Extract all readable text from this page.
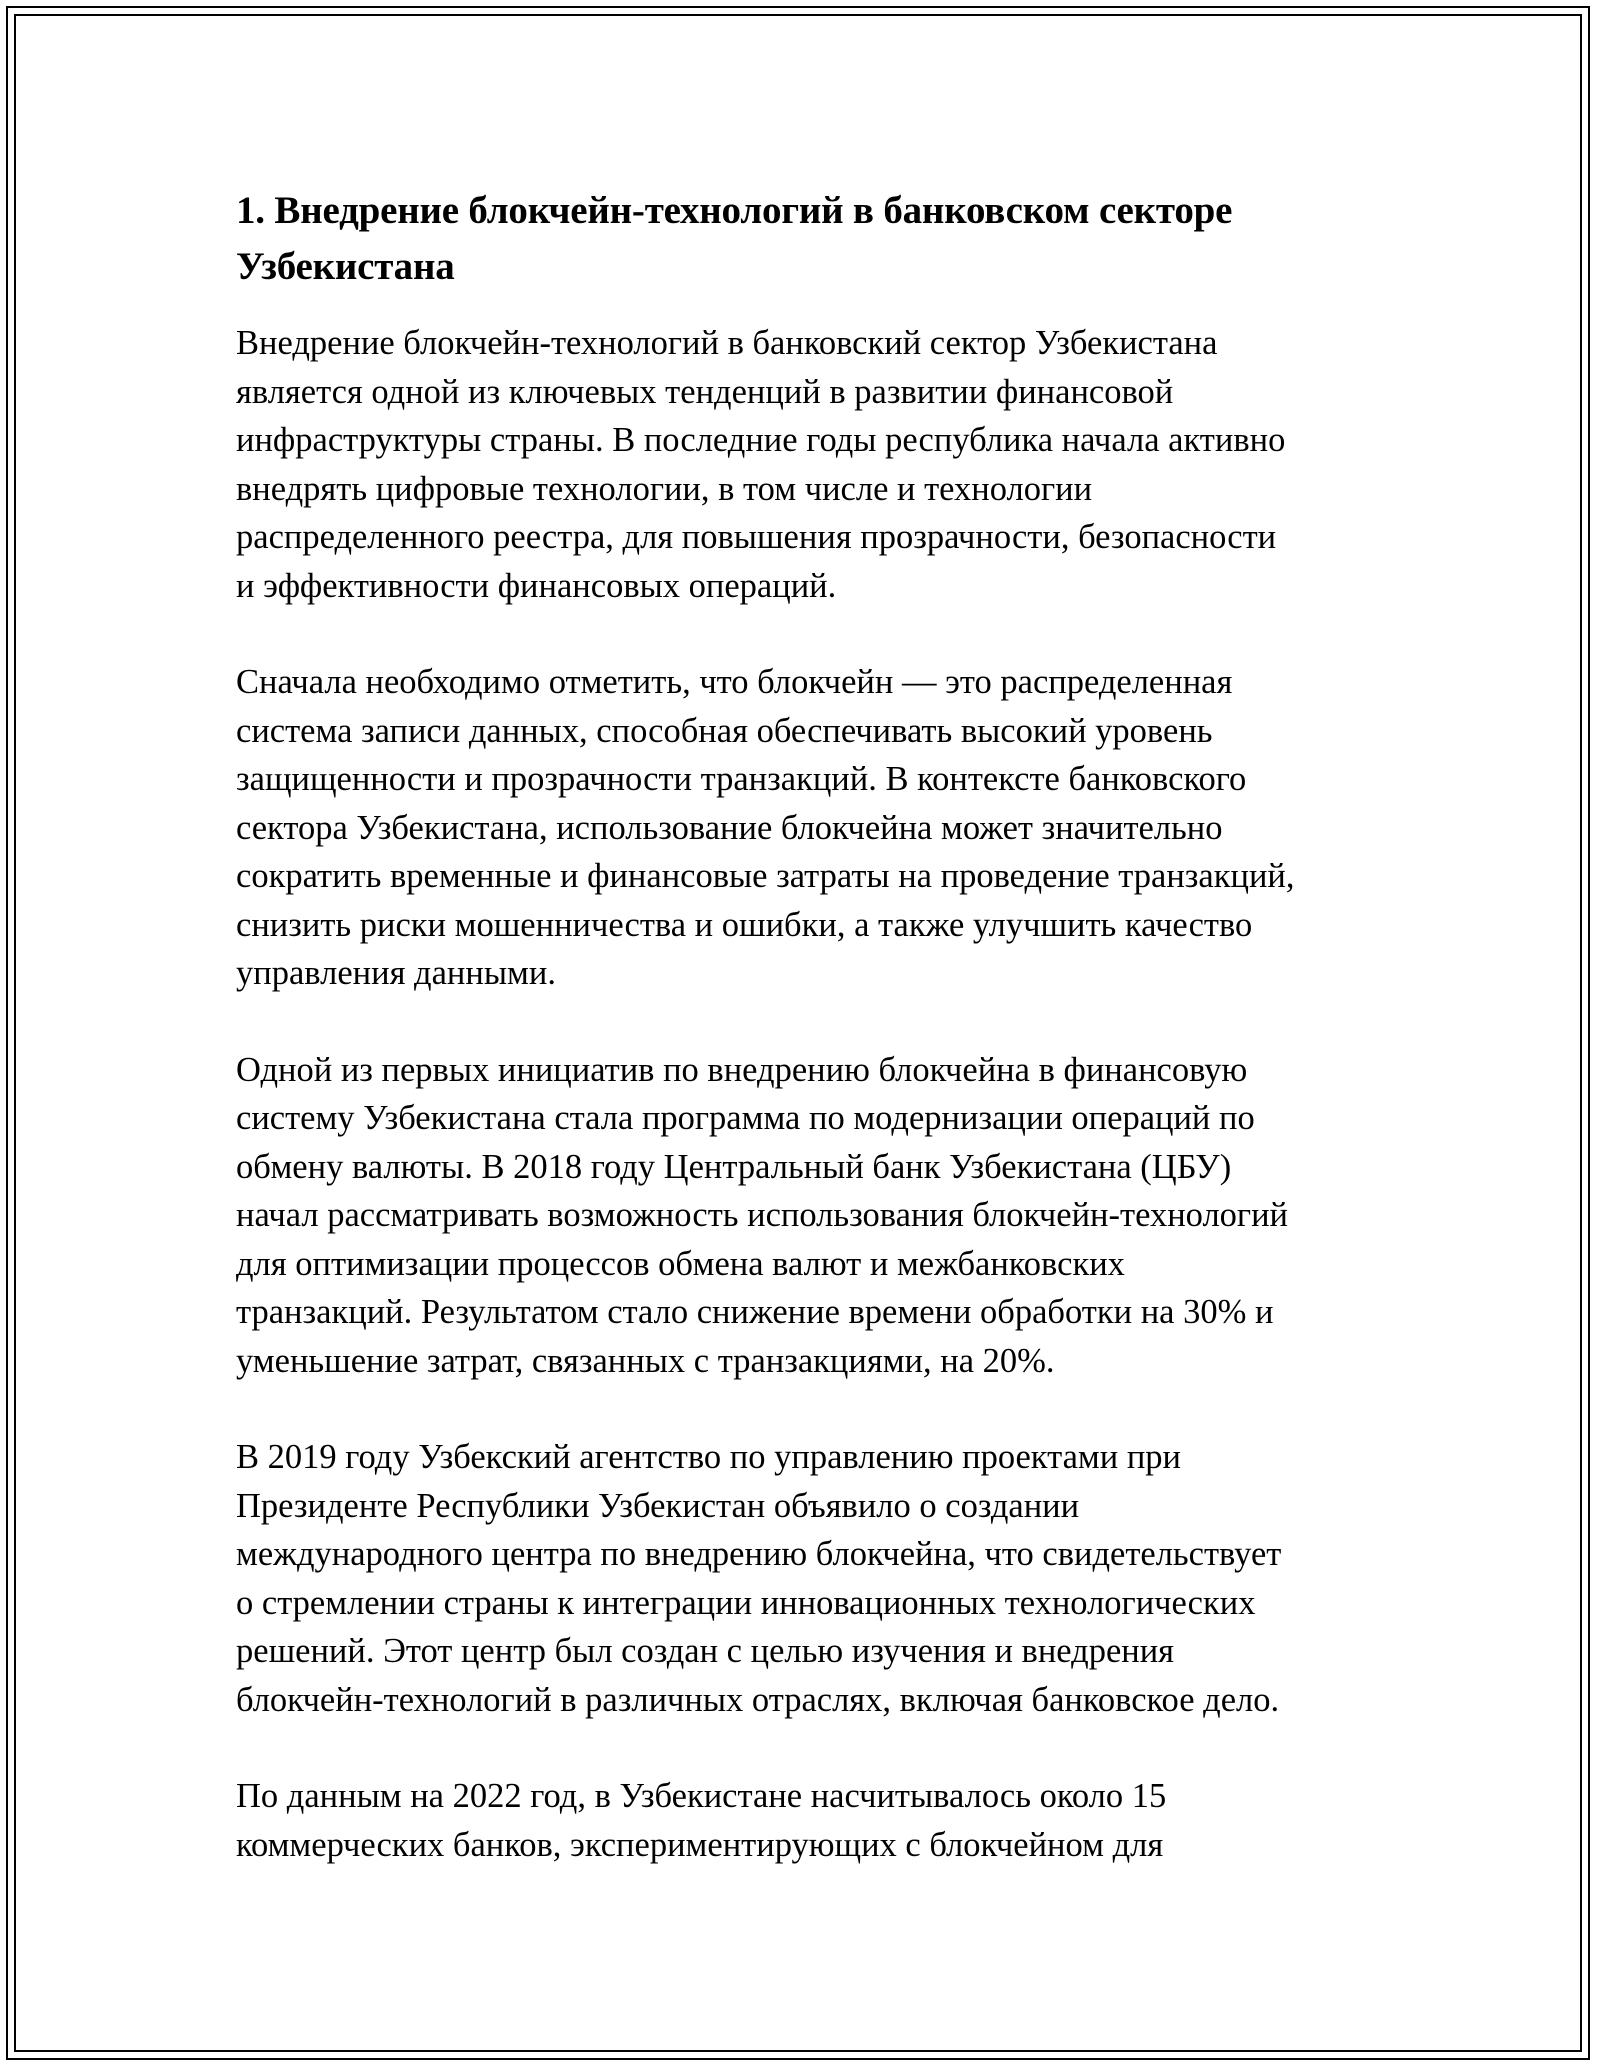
1. Внедрение блокчейн-технологий в банковском секторе
Узбекистана

Внедрение блокчейн-технологий в банковский сектор Узбекистана
является одной из ключевых тенденций в развитии финансовой
инфраструктуры страны. В последние годы республика начала активно
внедрять цифровые технологии, в том числе и технологии
распределенного реестра, для повышения прозрачности, безопасности
и эффективности финансовых операций.

Сначала необходимо отметить, что блокчейн — это распределенная
система записи данных, способная обеспечивать высокий уровень
защищенности и прозрачности транзакций. В контексте банковского
сектора Узбекистана, использование блокчейна может значительно
сократить временные и финансовые затраты на проведение транзакций,
снизить риски мошенничества и ошибки, а также улучшить качество
управления данными.

Одной из первых инициатив по внедрению блокчейна в финансовую
систему Узбекистана стала программа по модернизации операций по
обмену валюты. В 2018 году Центральный банк Узбекистана (ЦБУ)
начал рассматривать возможность использования блокчейн-технологий
для оптимизации процессов обмена валют и межбанковских
транзакций. Результатом стало снижение времени обработки на 30% и
уменьшение затрат, связанных с транзакциями, на 20%.

В 2019 году Узбекский агентство по управлению проектами при
Президенте Республики Узбекистан объявило о создании
международного центра по внедрению блокчейна, что свидетельствует
о стремлении страны к интеграции инновационных технологических
решений. Этот центр был создан с целью изучения и внедрения
блокчейн-технологий в различных отраслях, включая банковское дело.

По данным на 2022 год, в Узбекистане насчитывалось около 15
коммерческих банков, экспериментирующих с блокчейном для
